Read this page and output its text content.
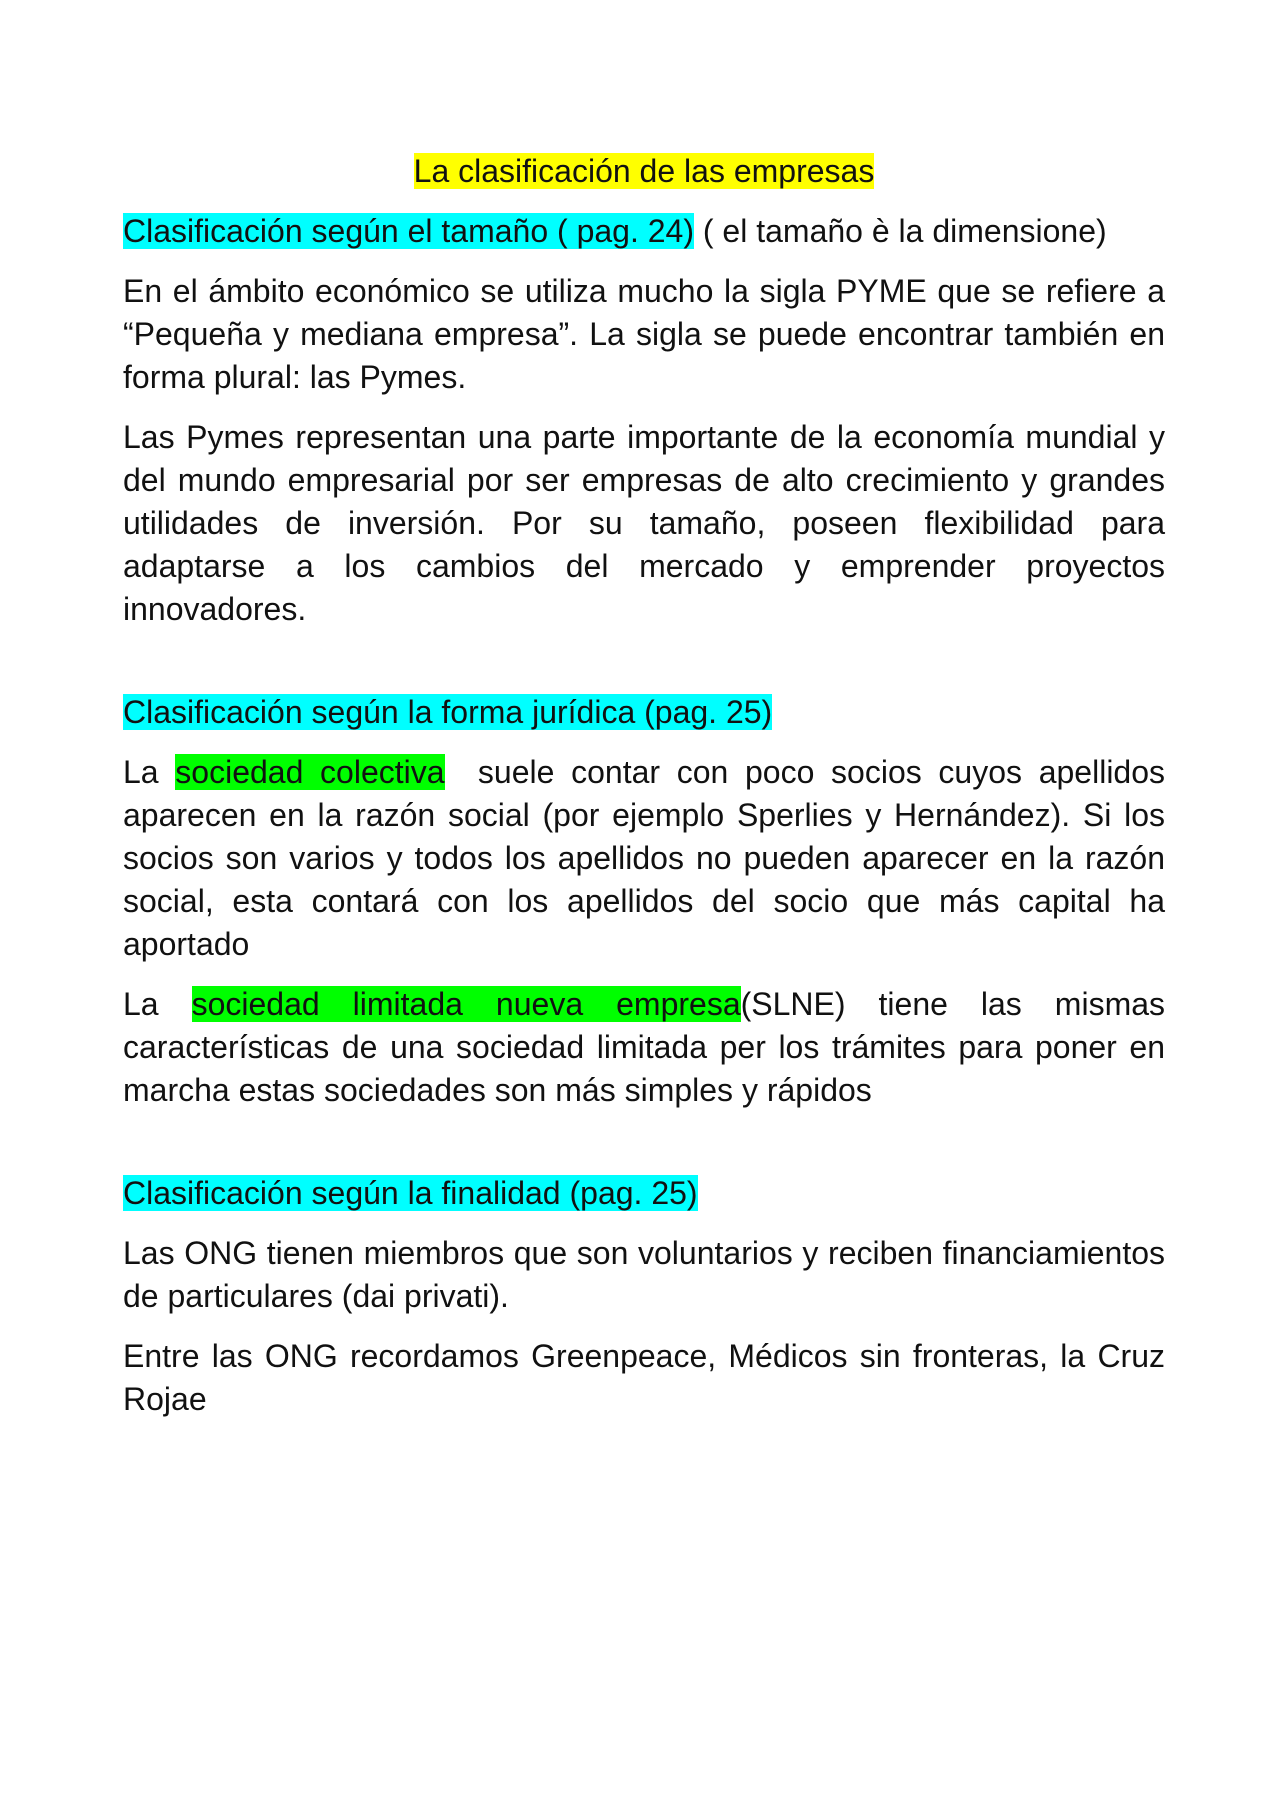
La clasificación de las empresas
Clasificación según el tamaño ( pag. 24) ( el tamaño è la dimensione)

En el ámbito económico se utiliza mucho la sigla PYME que se refiere a “Pequeña y mediana empresa”. La sigla se puede encontrar también en forma plural: las Pymes.

Las Pymes representan una parte importante de la economía mundial y del mundo empresarial por ser empresas de alto crecimiento y grandes utilidades de inversión. Por su tamaño, poseen flexibilidad para adaptarse a los cambios del mercado y emprender proyectos innovadores.

Clasificación según la forma jurídica (pag. 25)

La sociedad colectiva  suele contar con poco socios cuyos apellidos aparecen en la razón social (por ejemplo Sperlies y Hernández). Si los socios son varios y todos los apellidos no pueden aparecer en la razón social, esta contará con los apellidos del socio que más capital ha aportado

La sociedad limitada nueva empresa(SLNE) tiene las mismas características de una sociedad limitada per los trámites para poner en marcha estas sociedades son más simples y rápidos

Clasificación según la finalidad (pag. 25)

Las ONG tienen miembros que son voluntarios y reciben financiamientos de particulares (dai privati).

Entre las ONG recordamos Greenpeace, Médicos sin fronteras, la Cruz Rojae
